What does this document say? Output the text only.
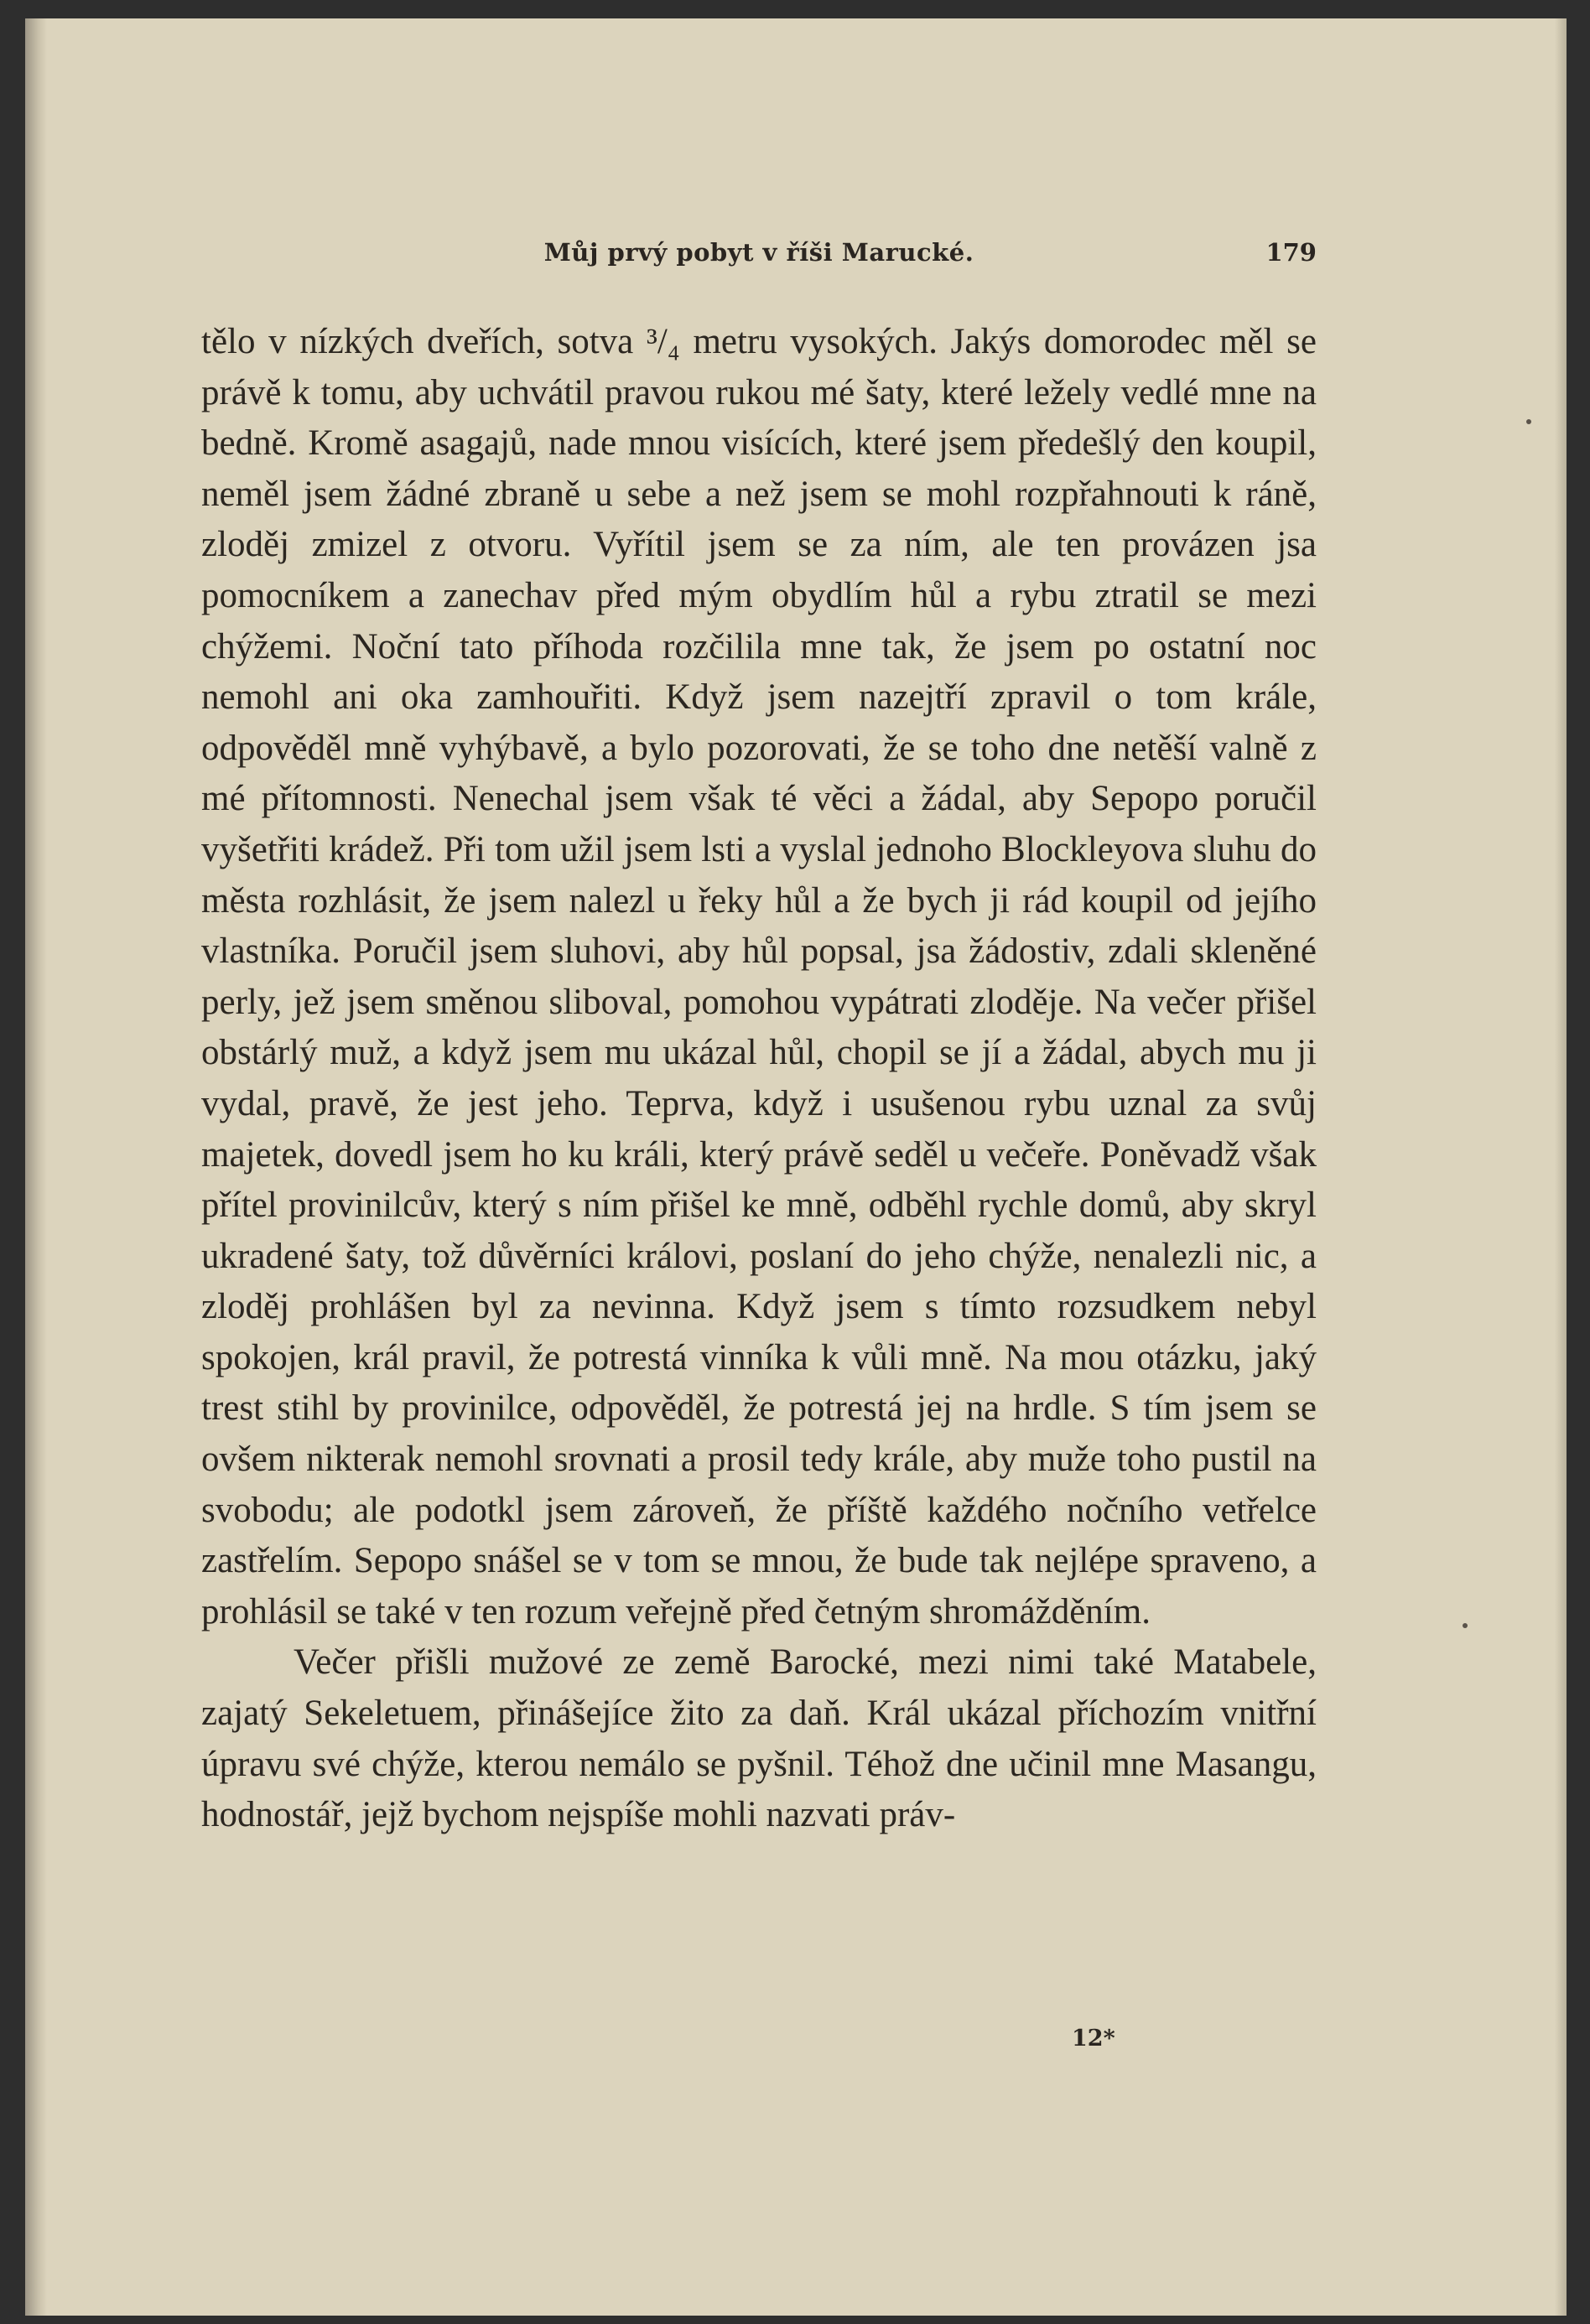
Můj prvý pobyt v říši Marucké.	179

tělo v nízkých dveřích, sotva ³/₄ metru vysokých. Jakýs domorodec měl se právě k tomu, aby uchvátil pravou rukou mé šaty, které ležely vedlé mne na bedně. Kromě asagajů, nade mnou visících, které jsem předešlý den koupil, neměl jsem žádné zbraně u sebe a než jsem se mohl rozpřahnouti k ráně, zloděj zmizel z otvoru. Vyřítil jsem se za ním, ale ten provázen jsa pomocníkem a zanechav před mým obydlím hůl a rybu ztratil se mezi chýžemi. Noční tato příhoda rozčilila mne tak, že jsem po ostatní noc nemohl ani oka zamhouřiti. Když jsem nazejtří zpravil o tom krále, odpověděl mně vyhýbavě, a bylo pozorovati, že se toho dne netěší valně z mé přítomnosti. Nenechal jsem však té věci a žádal, aby Sepopo poručil vyšetřiti krádež. Při tom užil jsem lsti a vyslal jednoho Blockleyova sluhu do města rozhlásit, že jsem nalezl u řeky hůl a že bych ji rád koupil od jejího vlastníka. Poručil jsem sluhovi, aby hůl popsal, jsa žádostiv, zdali skleněné perly, jež jsem směnou sliboval, pomohou vypátrati zloděje. Na večer přišel obstárlý muž, a když jsem mu ukázal hůl, chopil se jí a žádal, abych mu ji vydal, pravě, že jest jeho. Teprva, když i usušenou rybu uznal za svůj majetek, dovedl jsem ho ku králi, který právě seděl u večeře. Poněvadž však přítel provinilcův, který s ním přišel ke mně, odběhl rychle domů, aby skryl ukradené šaty, tož důvěrníci královi, poslaní do jeho chýže, nenalezli nic, a zloděj prohlášen byl za nevinna. Když jsem s tímto rozsudkem nebyl spokojen, král pravil, že potrestá vinníka k vůli mně. Na mou otázku, jaký trest stihl by provinilce, odpověděl, že potrestá jej na hrdle. S tím jsem se ovšem nikterak nemohl srovnati a prosil tedy krále, aby muže toho pustil na svobodu; ale podotkl jsem zároveň, že příště každého nočního vetřelce zastřelím. Sepopo snášel se v tom se mnou, že bude tak nejlépe spraveno, a prohlásil se také v ten rozum veřejně před četným shromážděním.

Večer přišli mužové ze země Barocké, mezi nimi také Matabele, zajatý Sekeletuem, přinášejíce žito za daň. Král ukázal příchozím vnitřní úpravu své chýže, kterou nemálo se pyšnil. Téhož dne učinil mne Masangu, hodnostář, jejž bychom nejspíše mohli nazvati práv-

12*
